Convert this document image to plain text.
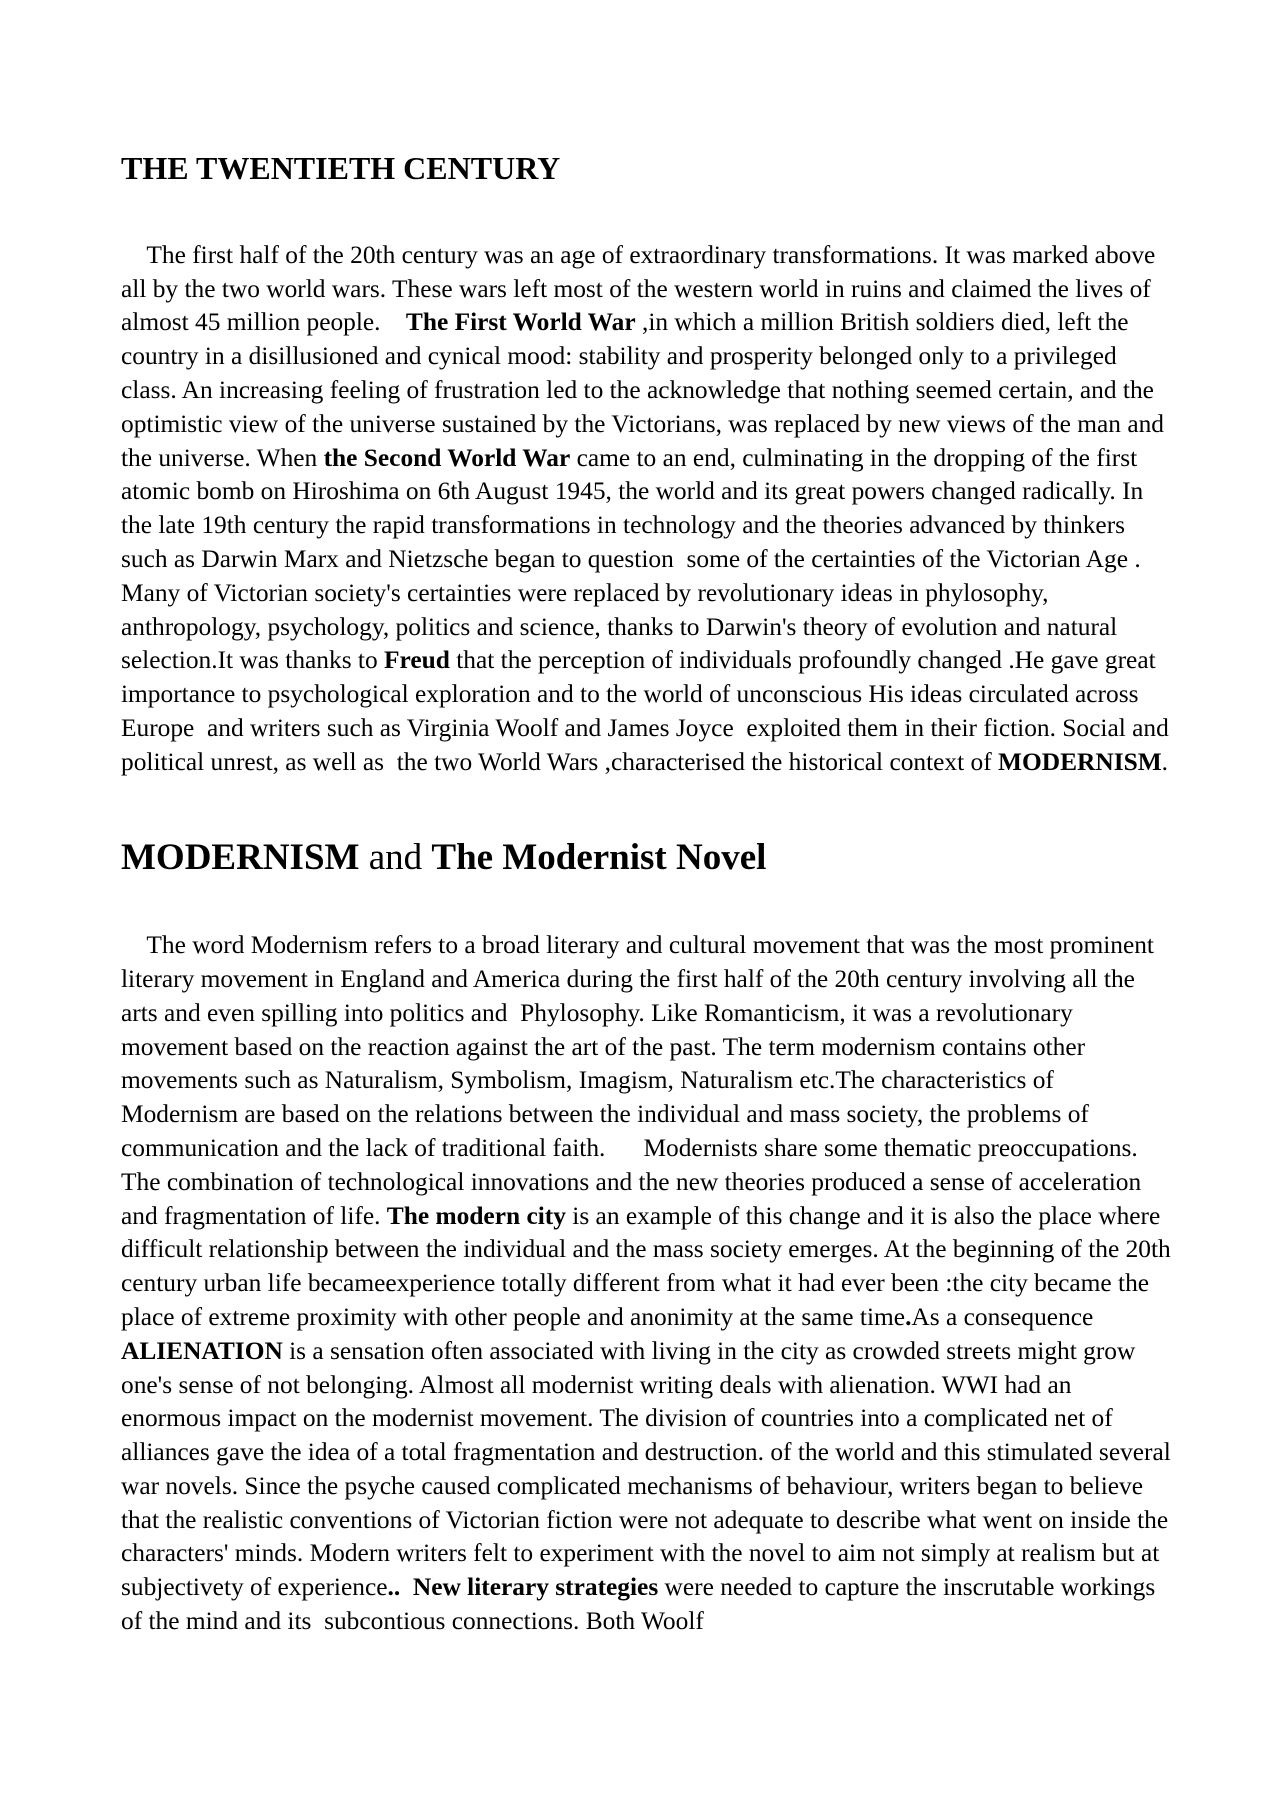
THE TWENTIETH CENTURY

The first half of the 20th century was an age of extraordinary transformations. It was marked above all by the two world wars. These wars left most of the western world in ruins and claimed the lives of almost 45 million people.    The First World War ,in which a million British soldiers died, left the country in a disillusioned and cynical mood: stability and prosperity belonged only to a privileged class. An increasing feeling of frustration led to the acknowledge that nothing seemed certain, and the optimistic view of the universe sustained by the Victorians, was replaced by new views of the man and the universe. When the Second World War came to an end, culminating in the dropping of the first atomic bomb on Hiroshima on 6th August 1945, the world and its great powers changed radically. In the late 19th century the rapid transformations in technology and the theories advanced by thinkers such as Darwin Marx and Nietzsche began to question  some of the certainties of the Victorian Age . Many of Victorian society's certainties were replaced by revolutionary ideas in phylosophy, anthropology, psychology, politics and science, thanks to Darwin's theory of evolution and natural selection.It was thanks to Freud that the perception of individuals profoundly changed .He gave great importance to psychological exploration and to the world of unconscious His ideas circulated across Europe  and writers such as Virginia Woolf and James Joyce  exploited them in their fiction. Social and political unrest, as well as  the two World Wars ,characterised the historical context of MODERNISM.

MODERNISM and The Modernist Novel

The word Modernism refers to a broad literary and cultural movement that was the most prominent literary movement in England and America during the first half of the 20th century involving all the arts and even spilling into politics and  Phylosophy. Like Romanticism, it was a revolutionary movement based on the reaction against the art of the past. The term modernism contains other movements such as Naturalism, Symbolism, Imagism, Naturalism etc.The characteristics of Modernism are based on the relations between the individual and mass society, the problems of communication and the lack of traditional faith.      Modernists share some thematic preoccupations. The combination of technological innovations and the new theories produced a sense of acceleration and fragmentation of life. The modern city is an example of this change and it is also the place where difficult relationship between the individual and the mass society emerges. At the beginning of the 20th century urban life becameexperience totally different from what it had ever been :the city became the place of extreme proximity with other people and anonimity at the same time.As a consequence ALIENATION is a sensation often associated with living in the city as crowded streets might grow one's sense of not belonging. Almost all modernist writing deals with alienation. WWI had an enormous impact on the modernist movement. The division of countries into a complicated net of alliances gave the idea of a total fragmentation and destruction. of the world and this stimulated several war novels. Since the psyche caused complicated mechanisms of behaviour, writers began to believe that the realistic conventions of Victorian fiction were not adequate to describe what went on inside the characters' minds. Modern writers felt to experiment with the novel to aim not simply at realism but at subjectivety of experience..  New literary strategies were needed to capture the inscrutable workings of the mind and its  subcontious connections. Both Woolf
